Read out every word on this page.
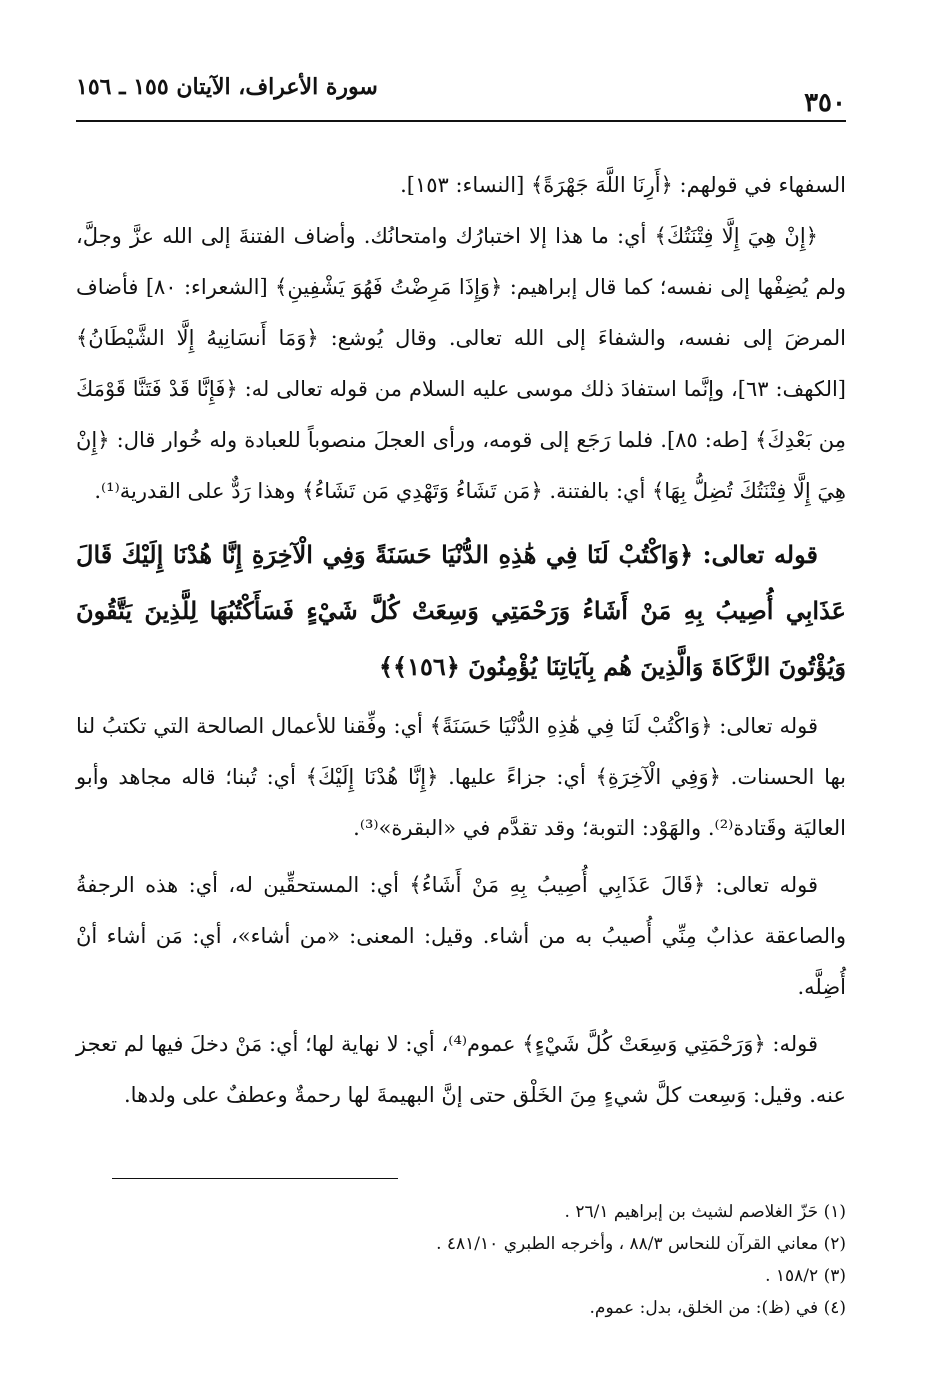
٣٥٠
سورة الأعراف، الآيتان ١٥٥ ـ ١٥٦

السفهاء في قولهم: ﴿أَرِنَا اللَّهَ جَهْرَةً﴾ [النساء: ١٥٣].

﴿إِنْ هِيَ إِلَّا فِتْنَتُكَ﴾ أي: ما هذا إلا اختبارُك وامتحانُك. وأضاف الفتنةَ إلى الله عزَّ وجلَّ، ولم يُضِفْها إلى نفسه؛ كما قال إبراهيم: ﴿وَإِذَا مَرِضْتُ فَهُوَ يَشْفِينِ﴾ [الشعراء: ٨٠] فأضاف المرضَ إلى نفسه، والشفاءَ إلى الله تعالى. وقال يُوشع: ﴿وَمَا أَنسَانِيهُ إِلَّا الشَّيْطَانُ﴾ [الكهف: ٦٣]، وإنَّما استفادَ ذلك موسى عليه السلام من قوله تعالى له: ﴿فَإِنَّا قَدْ فَتَنَّا قَوْمَكَ مِن بَعْدِكَ﴾ [طه: ٨٥]. فلما رَجَع إلى قومه، ورأى العجلَ منصوباً للعبادة وله خُوار قال: ﴿إِنْ هِيَ إِلَّا فِتْنَتُكَ تُضِلُّ بِهَا﴾ أي: بالفتنة. ﴿مَن تَشَاءُ وَتَهْدِي مَن تَشَاءُ﴾ وهذا رَدٌّ على القدرية⁽¹⁾.

قوله تعالى: ﴿وَاكْتُبْ لَنَا فِي هَٰذِهِ الدُّنْيَا حَسَنَةً وَفِي الْآخِرَةِ إِنَّا هُدْنَا إِلَيْكَ قَالَ عَذَابِي أُصِيبُ بِهِ مَنْ أَشَاءُ وَرَحْمَتِي وَسِعَتْ كُلَّ شَيْءٍ فَسَأَكْتُبُهَا لِلَّذِينَ يَتَّقُونَ وَيُؤْتُونَ الزَّكَاةَ وَالَّذِينَ هُم بِآيَاتِنَا يُؤْمِنُونَ ﴿١٥٦﴾﴾

قوله تعالى: ﴿وَاكْتُبْ لَنَا فِي هَٰذِهِ الدُّنْيَا حَسَنَةً﴾ أي: وفِّقنا للأعمال الصالحة التي تكتبُ لنا بها الحسنات. ﴿وَفِي الْآخِرَةِ﴾ أي: جزاءً عليها. ﴿إِنَّا هُدْنَا إِلَيْكَ﴾ أي: تُبنا؛ قاله مجاهد وأبو العاليَة وقَتادة⁽²⁾. والهَوْد: التوبة؛ وقد تقدَّم في «البقرة»⁽³⁾.

قوله تعالى: ﴿قَالَ عَذَابِي أُصِيبُ بِهِ مَنْ أَشَاءُ﴾ أي: المستحقِّين له، أي: هذه الرجفةُ والصاعقة عذابٌ مِنِّي أُصيبُ به من أشاء. وقيل: المعنى: «من أشاء»، أي: مَن أشاء أنْ أُضِلَّه.

قوله: ﴿وَرَحْمَتِي وَسِعَتْ كُلَّ شَيْءٍ﴾ عموم⁽⁴⁾، أي: لا نهاية لها؛ أي: مَنْ دخلَ فيها لم تعجز عنه. وقيل: وَسِعت كلَّ شيءٍ مِنَ الخَلْق حتى إنَّ البهيمةَ لها رحمةٌ وعطفٌ على ولدها.

(١) حَزّ الغلاصم لشيث بن إبراهيم ٢٦/١ .

(٢) معاني القرآن للنحاس ٨٨/٣ ، وأخرجه الطبري ٤٨١/١٠ .

(٣) ١٥٨/٢ .

(٤) في (ظ): من الخلق، بدل: عموم.
